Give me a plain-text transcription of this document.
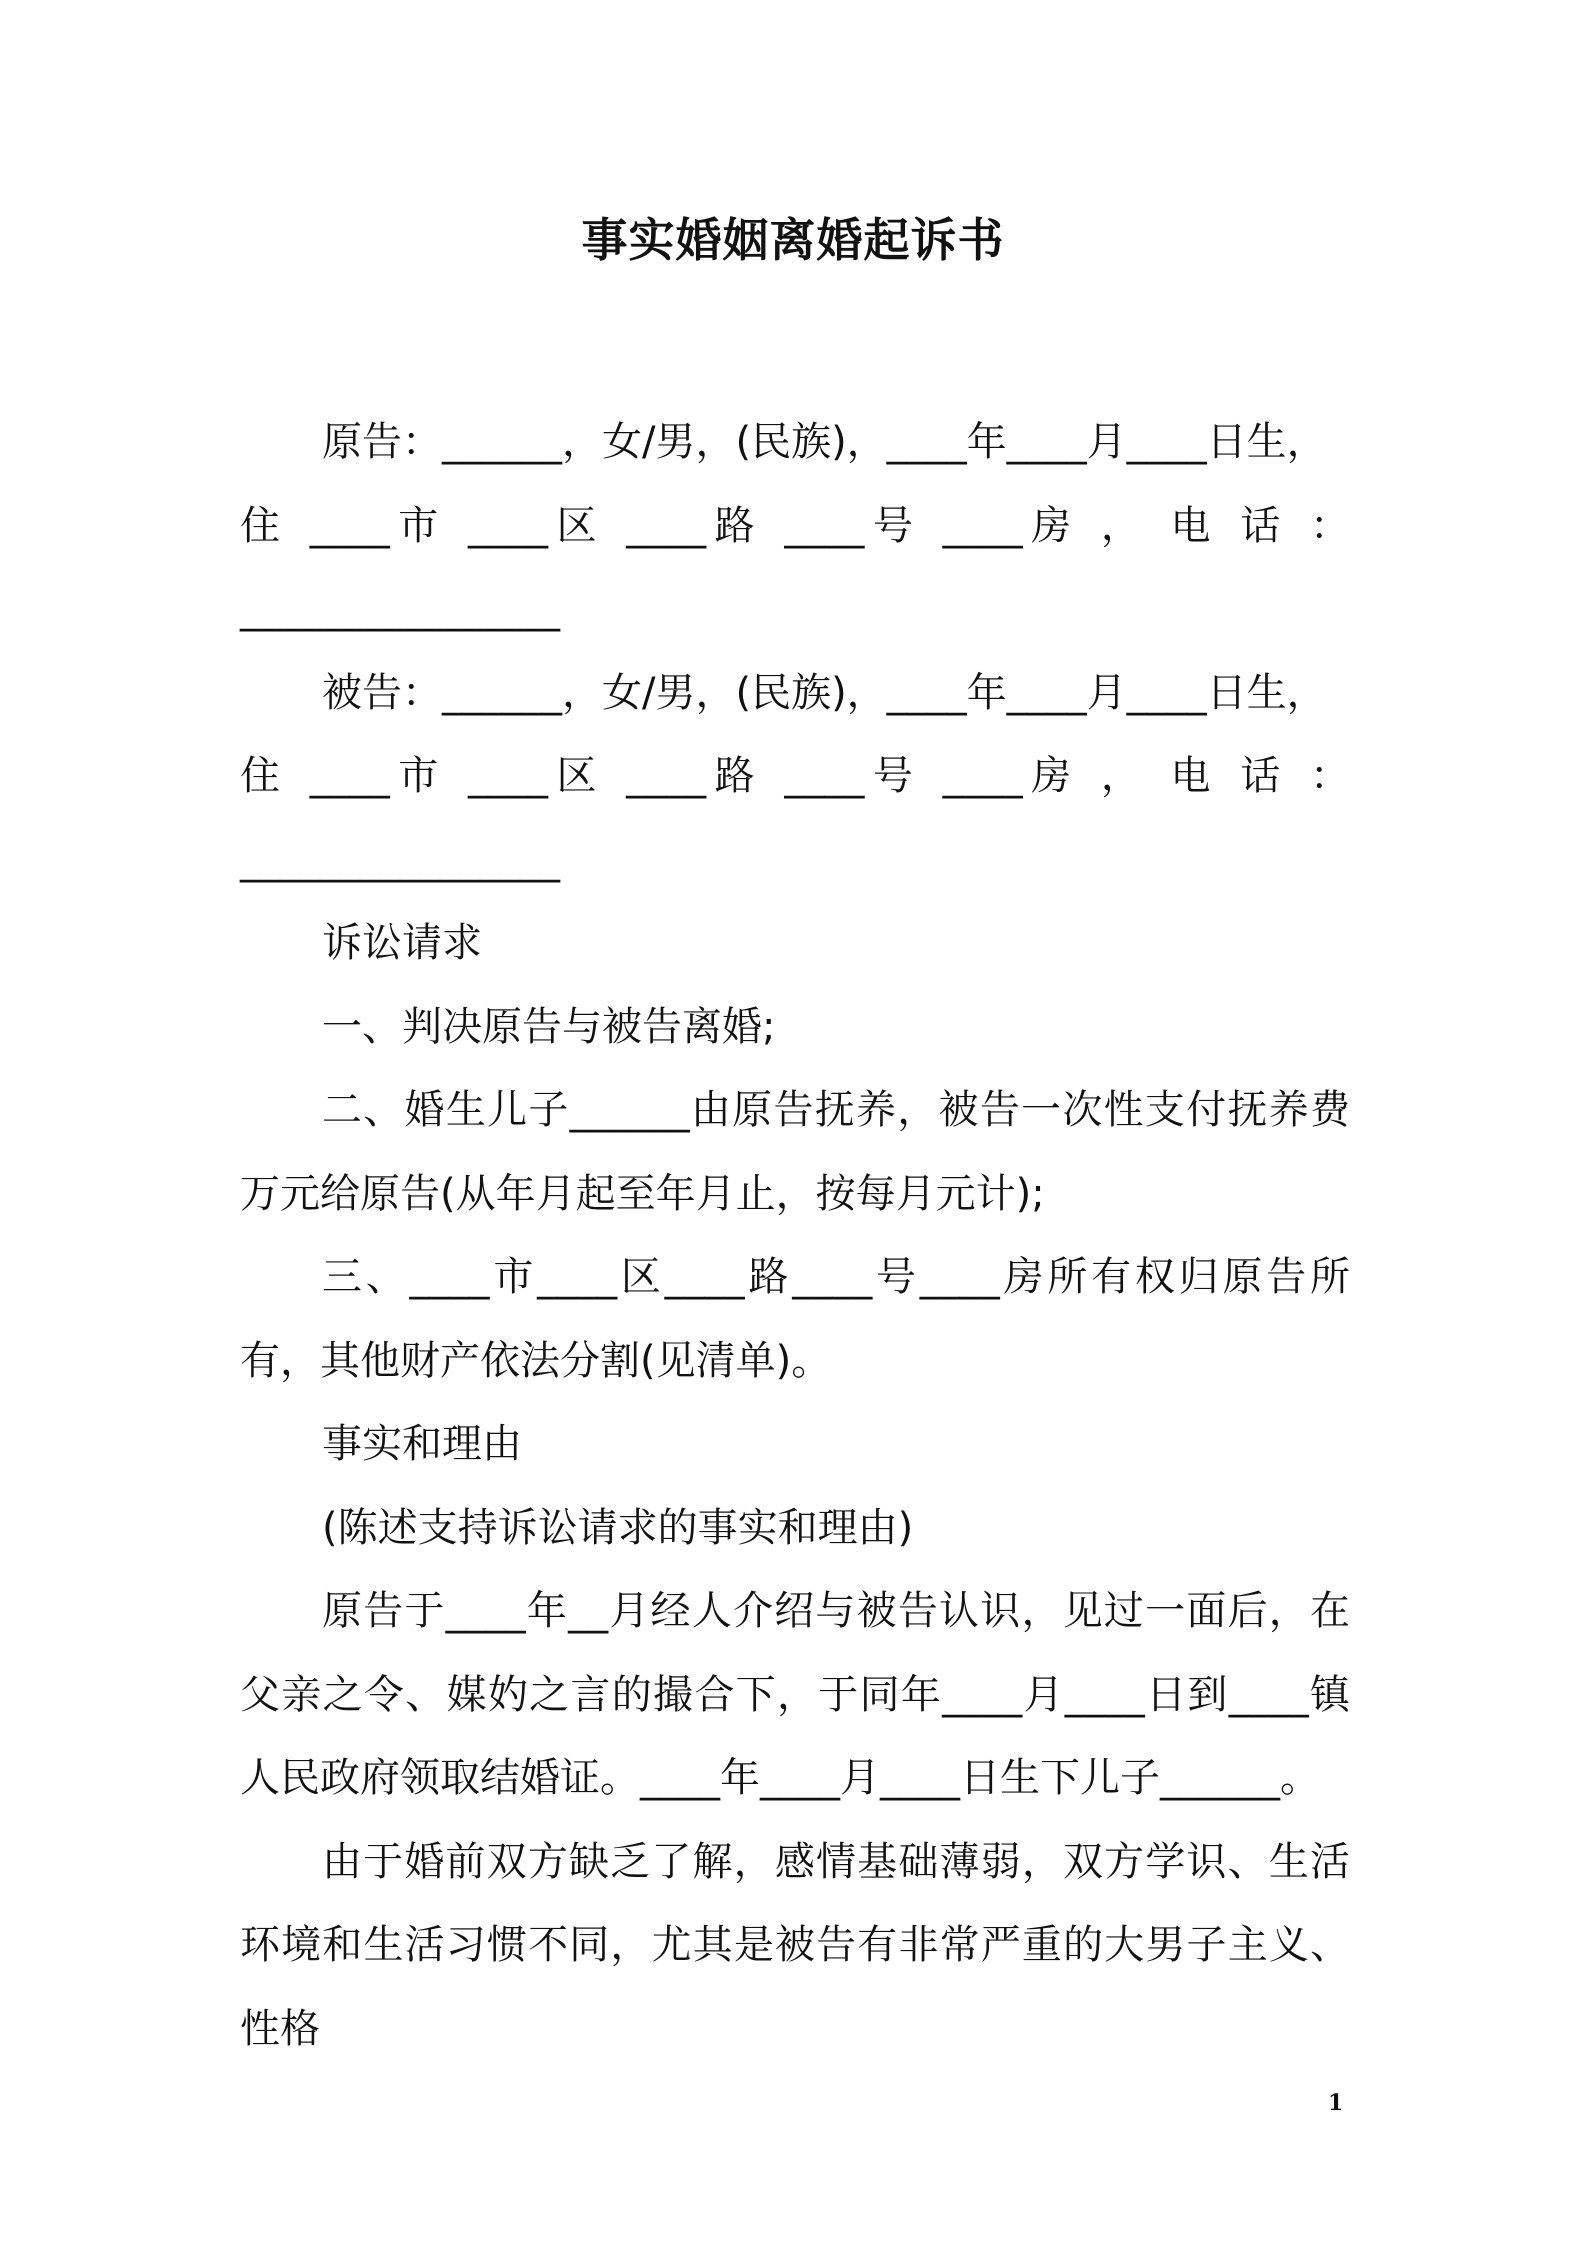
事实婚姻离婚起诉书

原告：______，女/男，(民族)，____年____月____日生，

住 ____市 ____区 ____路 ____号 ____房 ， 电 话 ：

________________

被告：______，女/男，(民族)，____年____月____日生，

住 ____市 ____区 ____路 ____号 ____房 ， 电 话 ：

________________

诉讼请求

一、判决原告与被告离婚;

二、婚生儿子______由原告抚养，被告一次性支付抚养费万元给原告(从年月起至年月止，按每月元计);

三、____市____区____路____号____房所有权归原告所有，其他财产依法分割(见清单)。

事实和理由

(陈述支持诉讼请求的事实和理由)

原告于____年__月经人介绍与被告认识，见过一面后，在父亲之令、媒妁之言的撮合下，于同年____月____日到____镇人民政府领取结婚证。____年____月____日生下儿子______。

由于婚前双方缺乏了解，感情基础薄弱，双方学识、生活环境和生活习惯不同，尤其是被告有非常严重的大男子主义、性格

1
